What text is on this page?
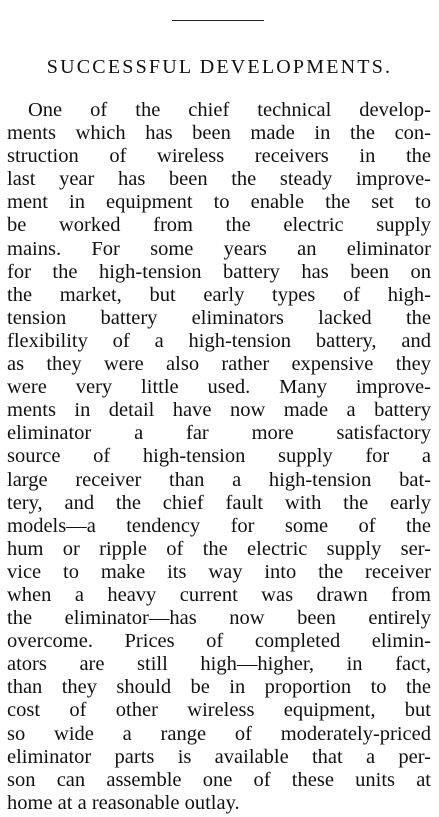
SUCCESSFUL DEVELOPMENTS.
One of the chief technical develop-
ments which has been made in the con-
struction of wireless receivers in the
last year has been the steady improve-
ment in equipment to enable the set to
be worked from the electric supply
mains. For some years an eliminator
for the high-tension battery has been on
the market, but early types of high-
tension battery eliminators lacked the
flexibility of a high-tension battery, and
as they were also rather expensive they
were very little used. Many improve-
ments in detail have now made a battery
eliminator a far more satisfactory
source of high-tension supply for a
large receiver than a high-tension bat-
tery, and the chief fault with the early
models—a tendency for some of the
hum or ripple of the electric supply ser-
vice to make its way into the receiver
when a heavy current was drawn from
the eliminator—has now been entirely
overcome. Prices of completed elimin-
ators are still high—higher, in fact,
than they should be in proportion to the
cost of other wireless equipment, but
so wide a range of moderately-priced
eliminator parts is available that a per-
son can assemble one of these units at
home at a reasonable outlay.
